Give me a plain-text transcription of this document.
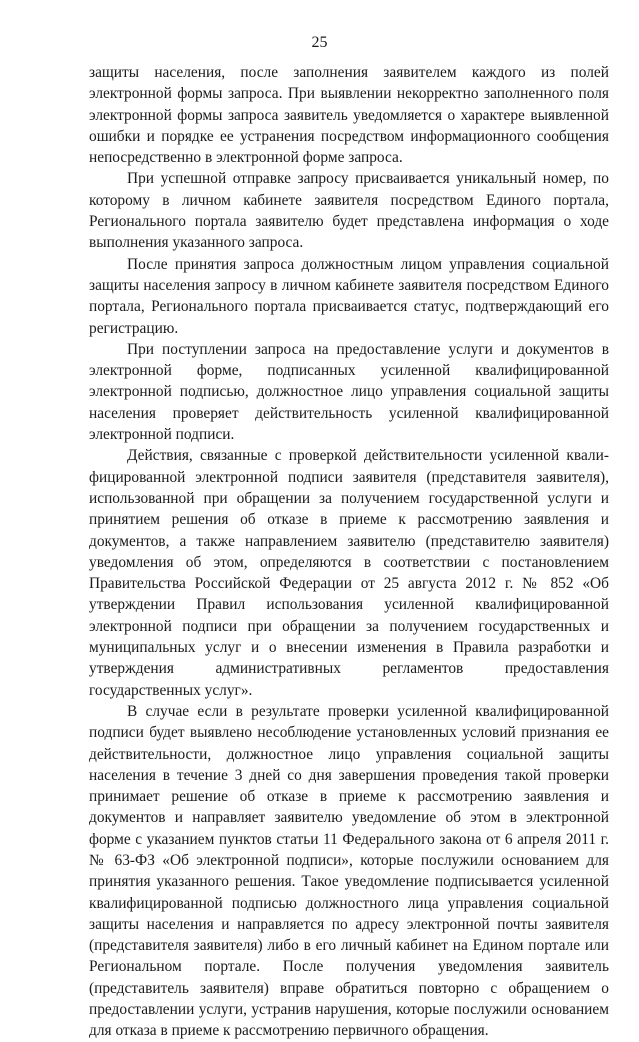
25

защиты населения, после заполнения заявителем каждого из полей электронной формы запроса. При выявлении некорректно заполненного поля электронной формы запроса заявитель уведомляется о характере выявленной ошибки и порядке ее устранения посредством информационного сообщения непосредственно в электронной форме запроса.

При успешной отправке запросу присваивается уникальный номер, по которому в личном кабинете заявителя посредством Единого портала, Регионального портала заявителю будет представлена информация о ходе выполнения указанного запроса.

После принятия запроса должностным лицом управления социальной защиты населения запросу в личном кабинете заявителя посредством Единого портала, Регионального портала присваивается статус, подтверждающий его регистрацию.

При поступлении запроса на предоставление услуги и документов в электронной форме, подписанных усиленной квалифицированной электронной подписью, должностное лицо управления социальной защиты населения проверяет действительность усиленной квалифицированной электронной подписи.

Действия, связанные с проверкой действительности усиленной квалифицированной электронной подписи заявителя (представителя заявителя), использованной при обращении за получением государственной услуги и принятием решения об отказе в приеме к рассмотрению заявления и документов, а также направлением заявителю (представителю заявителя) уведомления об этом, определяются в соответствии с постановлением Правительства Российской Федерации от 25 августа 2012 г. № 852 «Об утверждении Правил использования усиленной квалифицированной электронной подписи при обращении за получением государственных и муниципальных услуг и о внесении изменения в Правила разработки и утверждения административных регламентов предоставления государственных услуг».

В случае если в результате проверки усиленной квалифицированной подписи будет выявлено несоблюдение установленных условий признания ее действительности, должностное лицо управления социальной защиты населения в течение 3 дней со дня завершения проведения такой проверки принимает решение об отказе в приеме к рассмотрению заявления и документов и направляет заявителю уведомление об этом в электронной форме с указанием пунктов статьи 11 Федерального закона от 6 апреля 2011 г. № 63-ФЗ «Об электронной подписи», которые послужили основанием для принятия указанного решения. Такое уведомление подписывается усиленной квалифицированной подписью должностного лица управления социальной защиты населения и направляется по адресу электронной почты заявителя (представителя заявителя) либо в его личный кабинет на Едином портале или Региональном портале. После получения уведомления заявитель (представитель заявителя) вправе обратиться повторно с обращением о предоставлении услуги, устранив нарушения, которые послужили основанием для отказа в приеме к рассмотрению первичного обращения.
